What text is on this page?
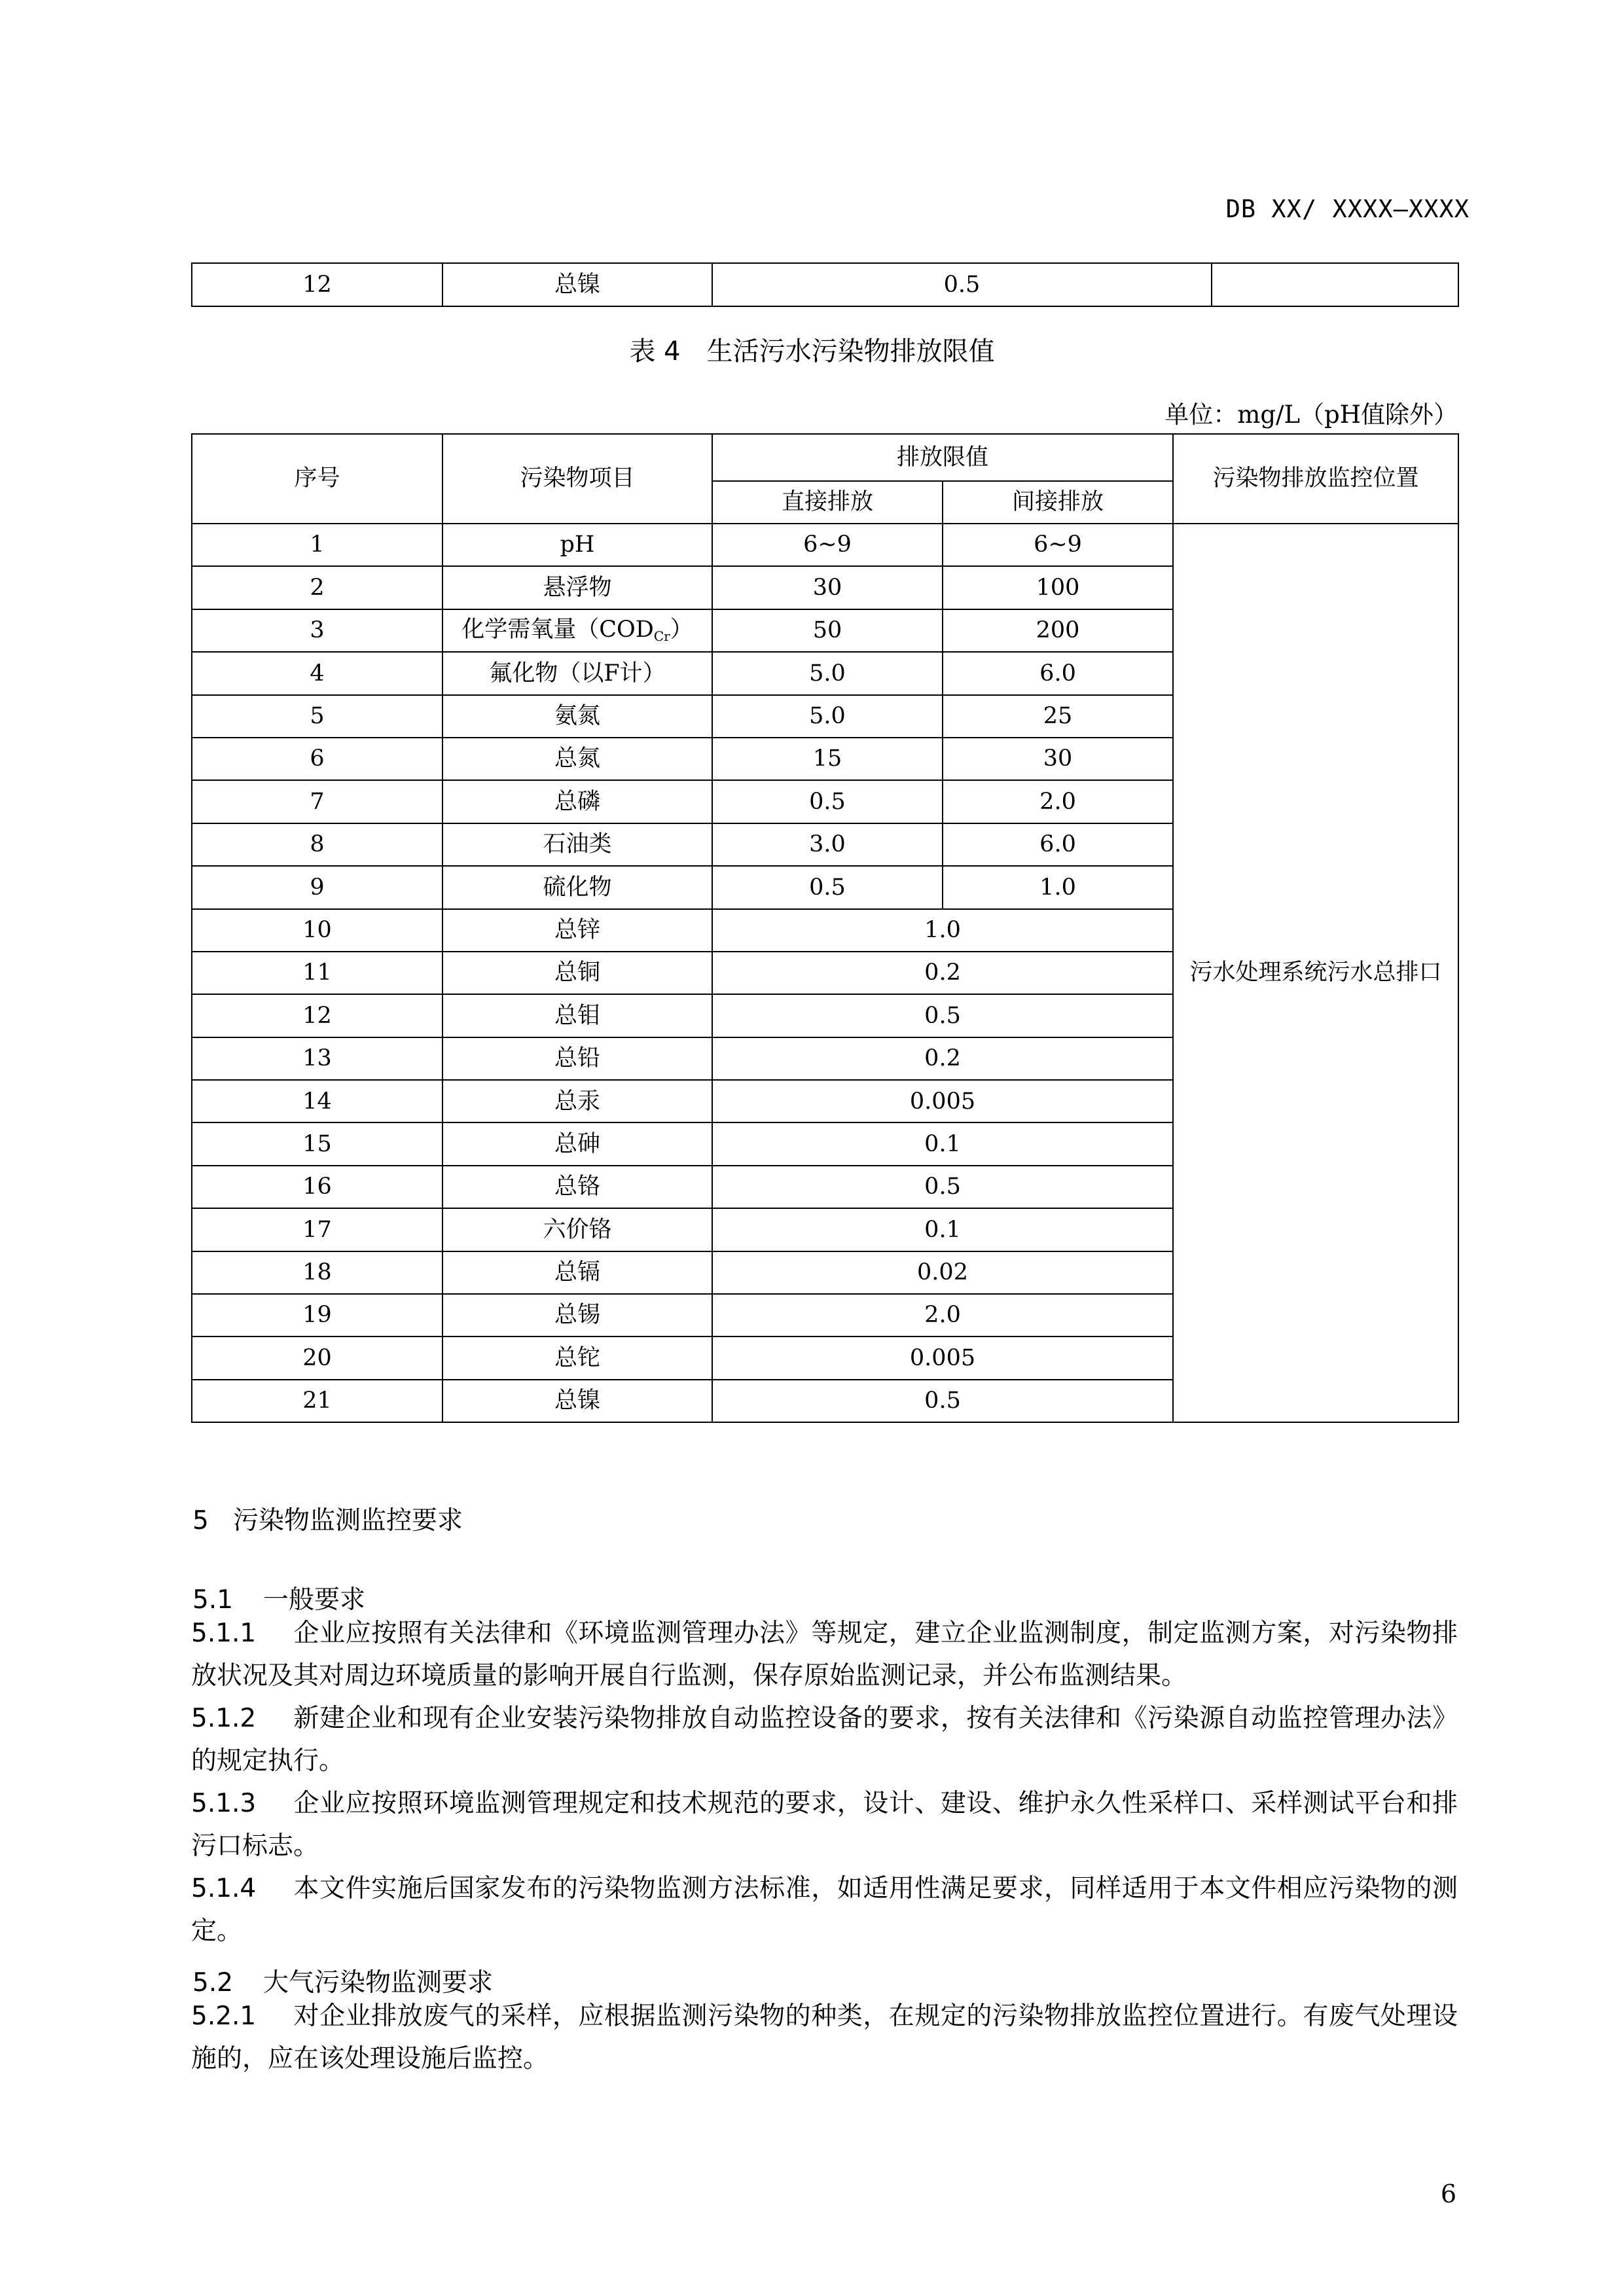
DB XX/ XXXX—XXXX
12	总镍	0.5	
表 4　生活污水污染物排放限值
单位：mg/L（pH值除外）
序号	污染物项目	排放限值		污染物排放监控位置
		直接排放	间接排放	
1	pH	6~9	6~9	污水处理系统污水总排口
2	悬浮物	30	100	
3	化学需氧量$(COD_{Cr})$	50	200	
4	氟化物（以F计）	5.0	6.0	
5	氨氮	5.0	25	
6	总氮	15	30	
7	总磷	0.5	2.0	
8	石油类	3.0	6.0	
9	硫化物	0.5	1.0	
10	总锌	1.0		
11	总铜	0.2		
12	总钼	0.5		
13	总铅	0.2		
14	总汞	0.005		
15	总砷	0.1		
16	总铬	0.5		
17	六价铬	0.1		
18	总镉	0.02		
19	总锡	2.0		
20	总铊	0.005		
21	总镍	0.5		
5 污染物监测监控要求
5.1 一般要求
5.1.1 企业应按照有关法律和《环境监测管理办法》等规定，建立企业监测制度，制定监测方案，对污染物排放状况及其对周边环境质量的影响开展自行监测，保存原始监测记录，并公布监测结果。
5.1.2 新建企业和现有企业安装污染物排放自动监控设备的要求，按有关法律和《污染源自动监控管理办法》的规定执行。
5.1.3 企业应按照环境监测管理规定和技术规范的要求，设计、建设、维护永久性采样口、采样测试平台和排污口标志。
5.1.4 本文件实施后国家发布的污染物监测方法标准，如适用性满足要求，同样适用于本文件相应污染物的测定。
5.2 大气污染物监测要求
5.2.1 对企业排放废气的采样，应根据监测污染物的种类，在规定的污染物排放监控位置进行。有废气处理设施的，应在该处理设施后监控。
6
